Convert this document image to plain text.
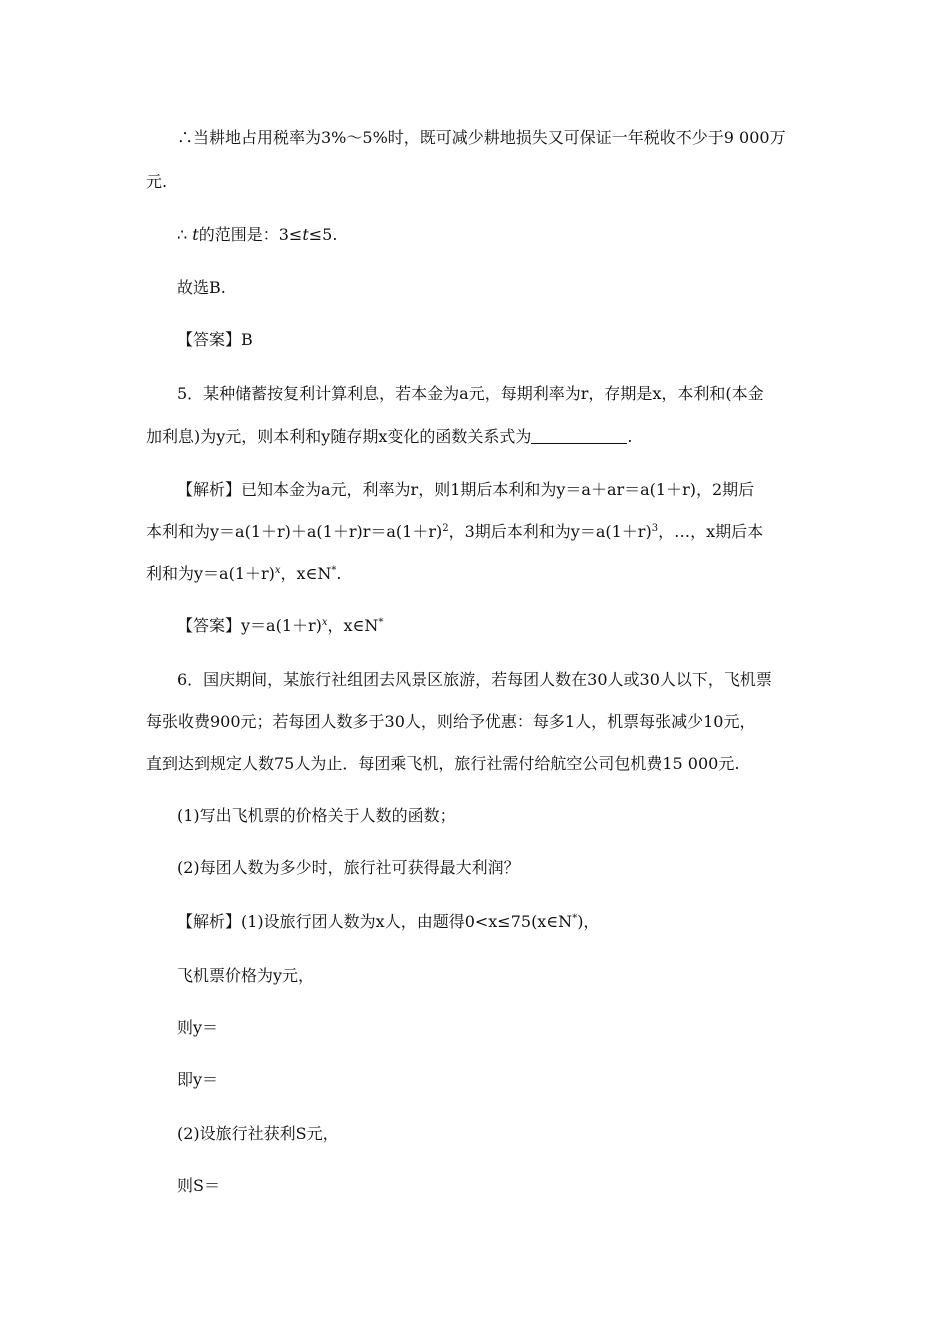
∴当耕地占用税率为3%～5%时，既可减少耕地损失又可保证一年税收不少于9 000万
元.
∴ t的范围是：3≤t≤5.
故选B.
【答案】B
5．某种储蓄按复利计算利息，若本金为a元，每期利率为r，存期是x，本利和(本金
加利息)为y元，则本利和y随存期x变化的函数关系式为	.
【解析】已知本金为a元，利率为r，则1期后本利和为y＝a＋ar＝a(1＋r)，2期后
本利和为$y=a(1+r)+a(1+r)r=a(1+r)^2$，3期后本利和为$y=a(1+r)^3$，…，x期后本
利和为$y=a(1+r)^x$，x∈N*.
【答案】$y=a(1+r)^x$，x∈N*
6．国庆期间，某旅行社组团去风景区旅游，若每团人数在30人或30人以下，飞机票
每张收费900元；若每团人数多于30人，则给予优惠：每多1人，机票每张减少10元，
直到达到规定人数75人为止．每团乘飞机，旅行社需付给航空公司包机费15 000元.
(1)写出飞机票的价格关于人数的函数；
(2)每团人数为多少时，旅行社可获得最大利润？
【解析】(1)设旅行团人数为x人，由题得0<x≤75(x∈N*)，
飞机票价格为y元，
则y＝
即y＝
(2)设旅行社获利S元，
则S＝
